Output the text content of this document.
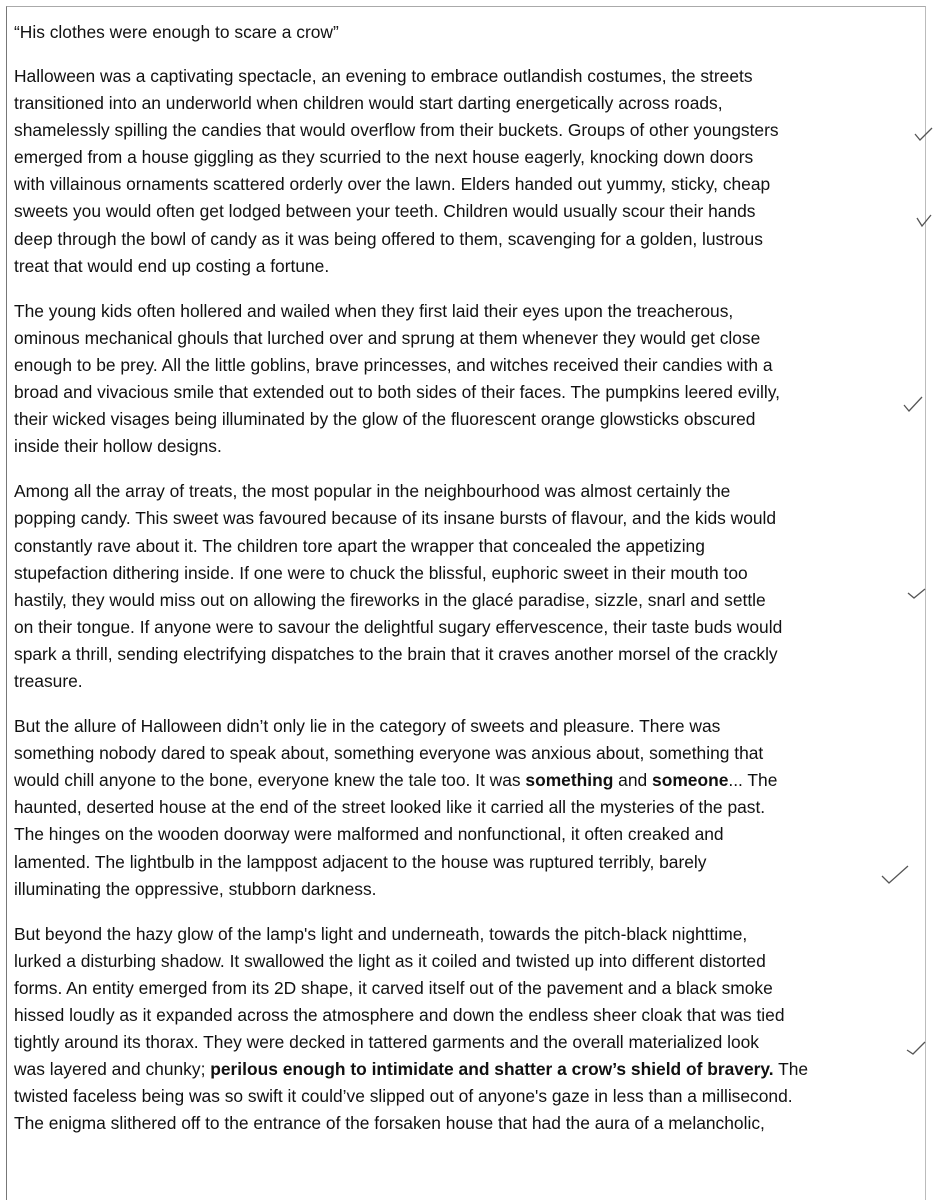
“His clothes were enough to scare a crow”
Halloween was a captivating spectacle, an evening to embrace outlandish costumes, the streets
transitioned into an underworld when children would start darting energetically across roads,
shamelessly spilling the candies that would overflow from their buckets. Groups of other youngsters
emerged from a house giggling as they scurried to the next house eagerly, knocking down doors
with villainous ornaments scattered orderly over the lawn. Elders handed out yummy, sticky, cheap
sweets you would often get lodged between your teeth. Children would usually scour their hands
deep through the bowl of candy as it was being offered to them, scavenging for a golden, lustrous
treat that would end up costing a fortune.
The young kids often hollered and wailed when they first laid their eyes upon the treacherous,
ominous mechanical ghouls that lurched over and sprung at them whenever they would get close
enough to be prey. All the little goblins, brave princesses, and witches received their candies with a
broad and vivacious smile that extended out to both sides of their faces. The pumpkins leered evilly,
their wicked visages being illuminated by the glow of the fluorescent orange glowsticks obscured
inside their hollow designs.
Among all the array of treats, the most popular in the neighbourhood was almost certainly the
popping candy. This sweet was favoured because of its insane bursts of flavour, and the kids would
constantly rave about it. The children tore apart the wrapper that concealed the appetizing
stupefaction dithering inside. If one were to chuck the blissful, euphoric sweet in their mouth too
hastily, they would miss out on allowing the fireworks in the glacé paradise, sizzle, snarl and settle
on their tongue. If anyone were to savour the delightful sugary effervescence, their taste buds would
spark a thrill, sending electrifying dispatches to the brain that it craves another morsel of the crackly
treasure.
But the allure of Halloween didn’t only lie in the category of sweets and pleasure. There was
something nobody dared to speak about, something everyone was anxious about, something that
would chill anyone to the bone, everyone knew the tale too. It was something and someone... The
haunted, deserted house at the end of the street looked like it carried all the mysteries of the past.
The hinges on the wooden doorway were malformed and nonfunctional, it often creaked and
lamented. The lightbulb in the lamppost adjacent to the house was ruptured terribly, barely
illuminating the oppressive, stubborn darkness.
But beyond the hazy glow of the lamp's light and underneath, towards the pitch-black nighttime,
lurked a disturbing shadow. It swallowed the light as it coiled and twisted up into different distorted
forms. An entity emerged from its 2D shape, it carved itself out of the pavement and a black smoke
hissed loudly as it expanded across the atmosphere and down the endless sheer cloak that was tied
tightly around its thorax. They were decked in tattered garments and the overall materialized look
was layered and chunky; perilous enough to intimidate and shatter a crow’s shield of bravery. The
twisted faceless being was so swift it could’ve slipped out of anyone's gaze in less than a millisecond.
The enigma slithered off to the entrance of the forsaken house that had the aura of a melancholic,
